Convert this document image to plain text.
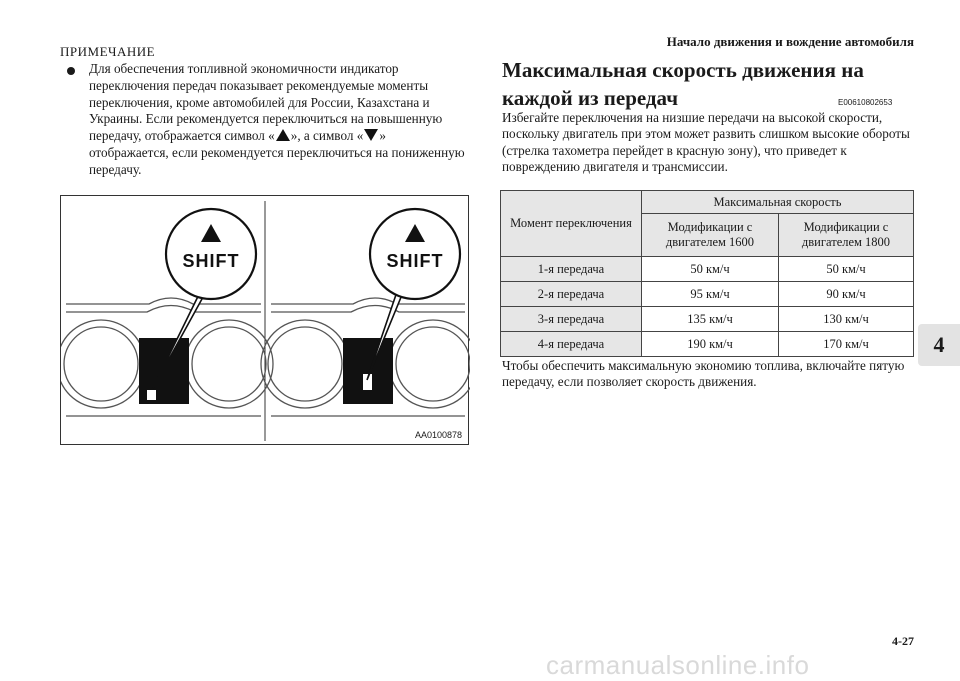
Начало движения и вождение автомобиля
ПРИМЕЧАНИЕ
Для обеспечения топливной экономичности индикатор переключения передач показывает рекомендуемые моменты переключения, кроме автомобилей для России, Казахстана и Украины. Если рекомендуется переключиться на повышенную передачу, отображается символ « », а символ « » отображается, если рекомендуется переключиться на пониженную передачу.
SHIFT	SHIFT
AA0100878
Максимальная скорость движения на каждой из передач	E00610802653
Избегайте переключения на низшие передачи на высокой скорости, поскольку двигатель при этом может развить слишком высокие обороты (стрелка тахометра перейдет в красную зону), что приведет к повреждению двигателя и трансмиссии.
Момент переключения	Максимальная скорость	
	Модификации с двигателем 1600	Модификации с двигателем 1800
1-я передача	50 км/ч	50 км/ч
2-я передача	95 км/ч	90 км/ч
3-я передача	135 км/ч	130 км/ч
4-я передача	190 км/ч	170 км/ч
Чтобы обеспечить максимальную экономию топлива, включайте пятую передачу, если позволяет скорость движения.
4
4-27
carmanualsonline.info
